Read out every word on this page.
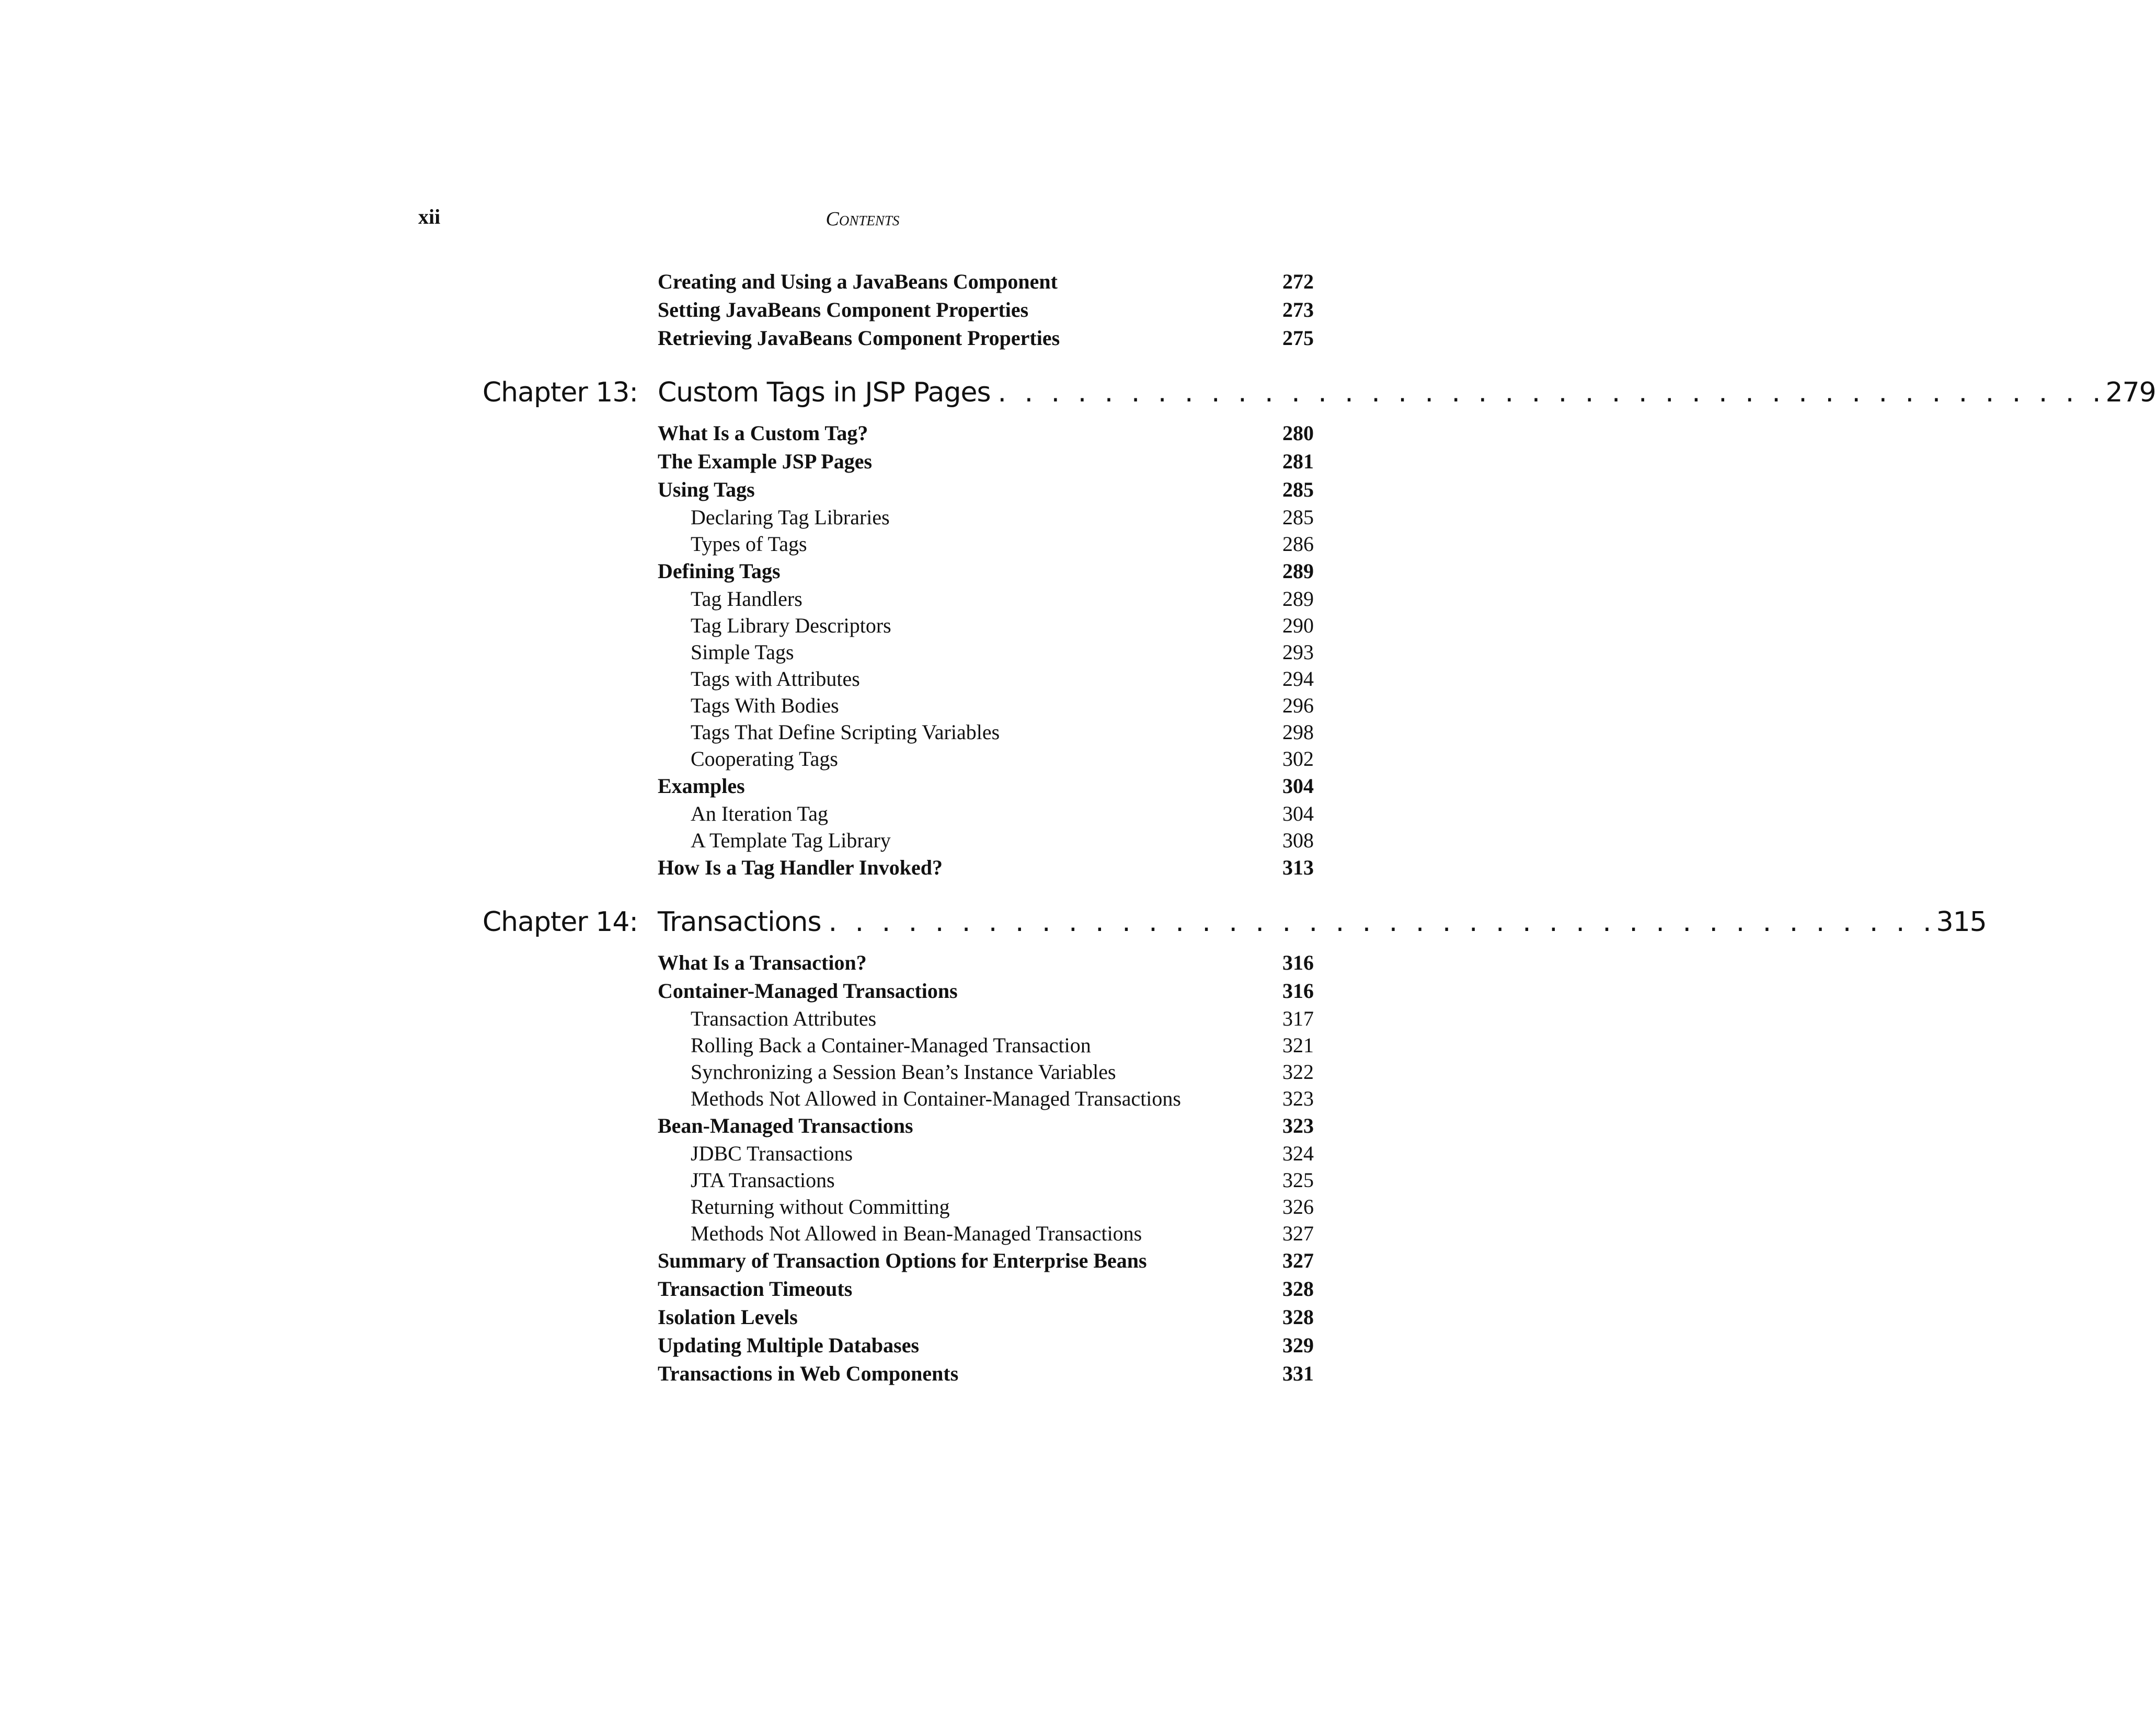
xii	Contents
Creating and Using a JavaBeans Component	272
Setting JavaBeans Component Properties	273
Retrieving JavaBeans Component Properties	275
Chapter 13: Custom Tags in JSP Pages . . . . . . . . . . . . . . . . . . . . . . . . . . . . . . . . . . . . . . . . . . 279
What Is a Custom Tag?	280
The Example JSP Pages	281
Using Tags	285
Declaring Tag Libraries	285
Types of Tags	286
Defining Tags	289
Tag Handlers	289
Tag Library Descriptors	290
Simple Tags	293
Tags with Attributes	294
Tags With Bodies	296
Tags That Define Scripting Variables	298
Cooperating Tags	302
Examples	304
An Iteration Tag	304
A Template Tag Library	308
How Is a Tag Handler Invoked?	313
Chapter 14: Transactions . . . . . . . . . . . . . . . . . . . . . . . . . . . . . . . . . . . . . . . . . . 315
What Is a Transaction?	316
Container-Managed Transactions	316
Transaction Attributes	317
Rolling Back a Container-Managed Transaction	321
Synchronizing a Session Bean’s Instance Variables	322
Methods Not Allowed in Container-Managed Transactions	323
Bean-Managed Transactions	323
JDBC Transactions	324
JTA Transactions	325
Returning without Committing	326
Methods Not Allowed in Bean-Managed Transactions	327
Summary of Transaction Options for Enterprise Beans	327
Transaction Timeouts	328
Isolation Levels	328
Updating Multiple Databases	329
Transactions in Web Components	331
